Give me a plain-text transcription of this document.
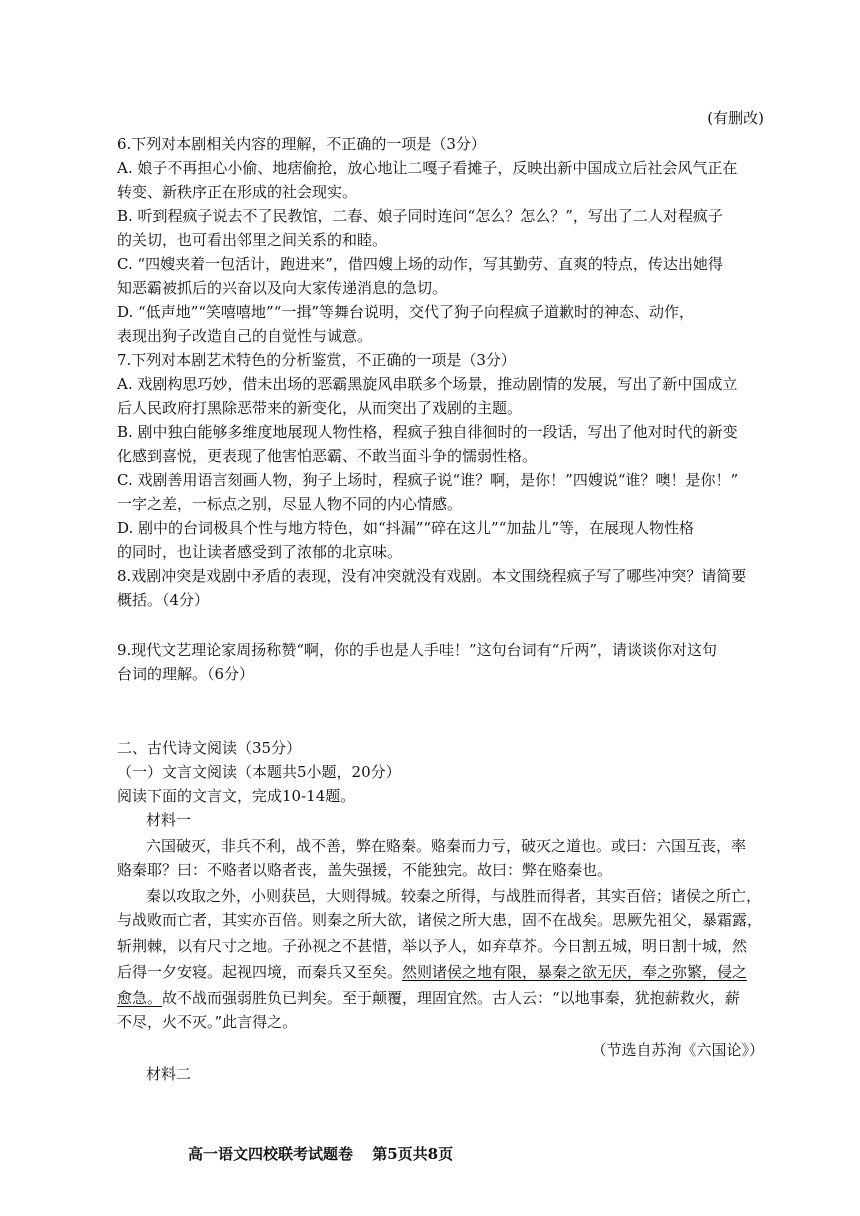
(有删改)
6.下列对本剧相关内容的理解，不正确的一项是（3分）
A. 娘子不再担心小偷、地痞偷抢，放心地让二嘎子看摊子，反映出新中国成立后社会风气正在
转变、新秩序正在形成的社会现实。
B. 听到程疯子说去不了民教馆，二春、娘子同时连问“怎么？怎么？”，写出了二人对程疯子
的关切，也可看出邻里之间关系的和睦。
C. “四嫂夹着一包活计，跑进来”，借四嫂上场的动作，写其勤劳、直爽的特点，传达出她得
知恶霸被抓后的兴奋以及向大家传递消息的急切。
D. “低声地”“笑嘻嘻地”“一揖”等舞台说明，交代了狗子向程疯子道歉时的神态、动作，
表现出狗子改造自己的自觉性与诚意。
7.下列对本剧艺术特色的分析鉴赏，不正确的一项是（3分）
A. 戏剧构思巧妙，借未出场的恶霸黑旋风串联多个场景，推动剧情的发展，写出了新中国成立
后人民政府打黑除恶带来的新变化，从而突出了戏剧的主题。
B. 剧中独白能够多维度地展现人物性格，程疯子独自徘徊时的一段话，写出了他对时代的新变
化感到喜悦，更表现了他害怕恶霸、不敢当面斗争的懦弱性格。
C. 戏剧善用语言刻画人物，狗子上场时，程疯子说“谁？啊，是你！”四嫂说“谁？噢！是你！”
一字之差，一标点之别，尽显人物不同的内心情感。
D. 剧中的台词极具个性与地方特色，如“抖漏”“碎在这儿”“加盐儿”等，在展现人物性格
的同时，也让读者感受到了浓郁的北京味。
8.戏剧冲突是戏剧中矛盾的表现，没有冲突就没有戏剧。本文围绕程疯子写了哪些冲突？请简要
概括。（4分）
9.现代文艺理论家周扬称赞“啊，你的手也是人手哇！”这句台词有“斤两”，请谈谈你对这句
台词的理解。（6分）
二、古代诗文阅读（35分）
（一）文言文阅读（本题共5小题，20分）
阅读下面的文言文，完成10-14题。
材料一
六国破灭，非兵不利，战不善，弊在赂秦。赂秦而力亏，破灭之道也。或曰：六国互丧，率
赂秦耶？曰：不赂者以赂者丧，盖失强援，不能独完。故曰：弊在赂秦也。
秦以攻取之外，小则获邑，大则得城。较秦之所得，与战胜而得者，其实百倍；诸侯之所亡，
与战败而亡者，其实亦百倍。则秦之所大欲，诸侯之所大患，固不在战矣。思厥先祖父，暴霜露，
斩荆棘，以有尺寸之地。子孙视之不甚惜，举以予人，如弃草芥。今日割五城，明日割十城，然
后得一夕安寝。起视四境，而秦兵又至矣。然则诸侯之地有限，暴秦之欲无厌，奉之弥繁，侵之
愈急。故不战而强弱胜负已判矣。至于颠覆，理固宜然。古人云：“以地事秦，犹抱薪救火，薪
不尽，火不灭。”此言得之。
（节选自苏洵《六国论》）
材料二
高一语文四校联考试题卷 第5页共8页
